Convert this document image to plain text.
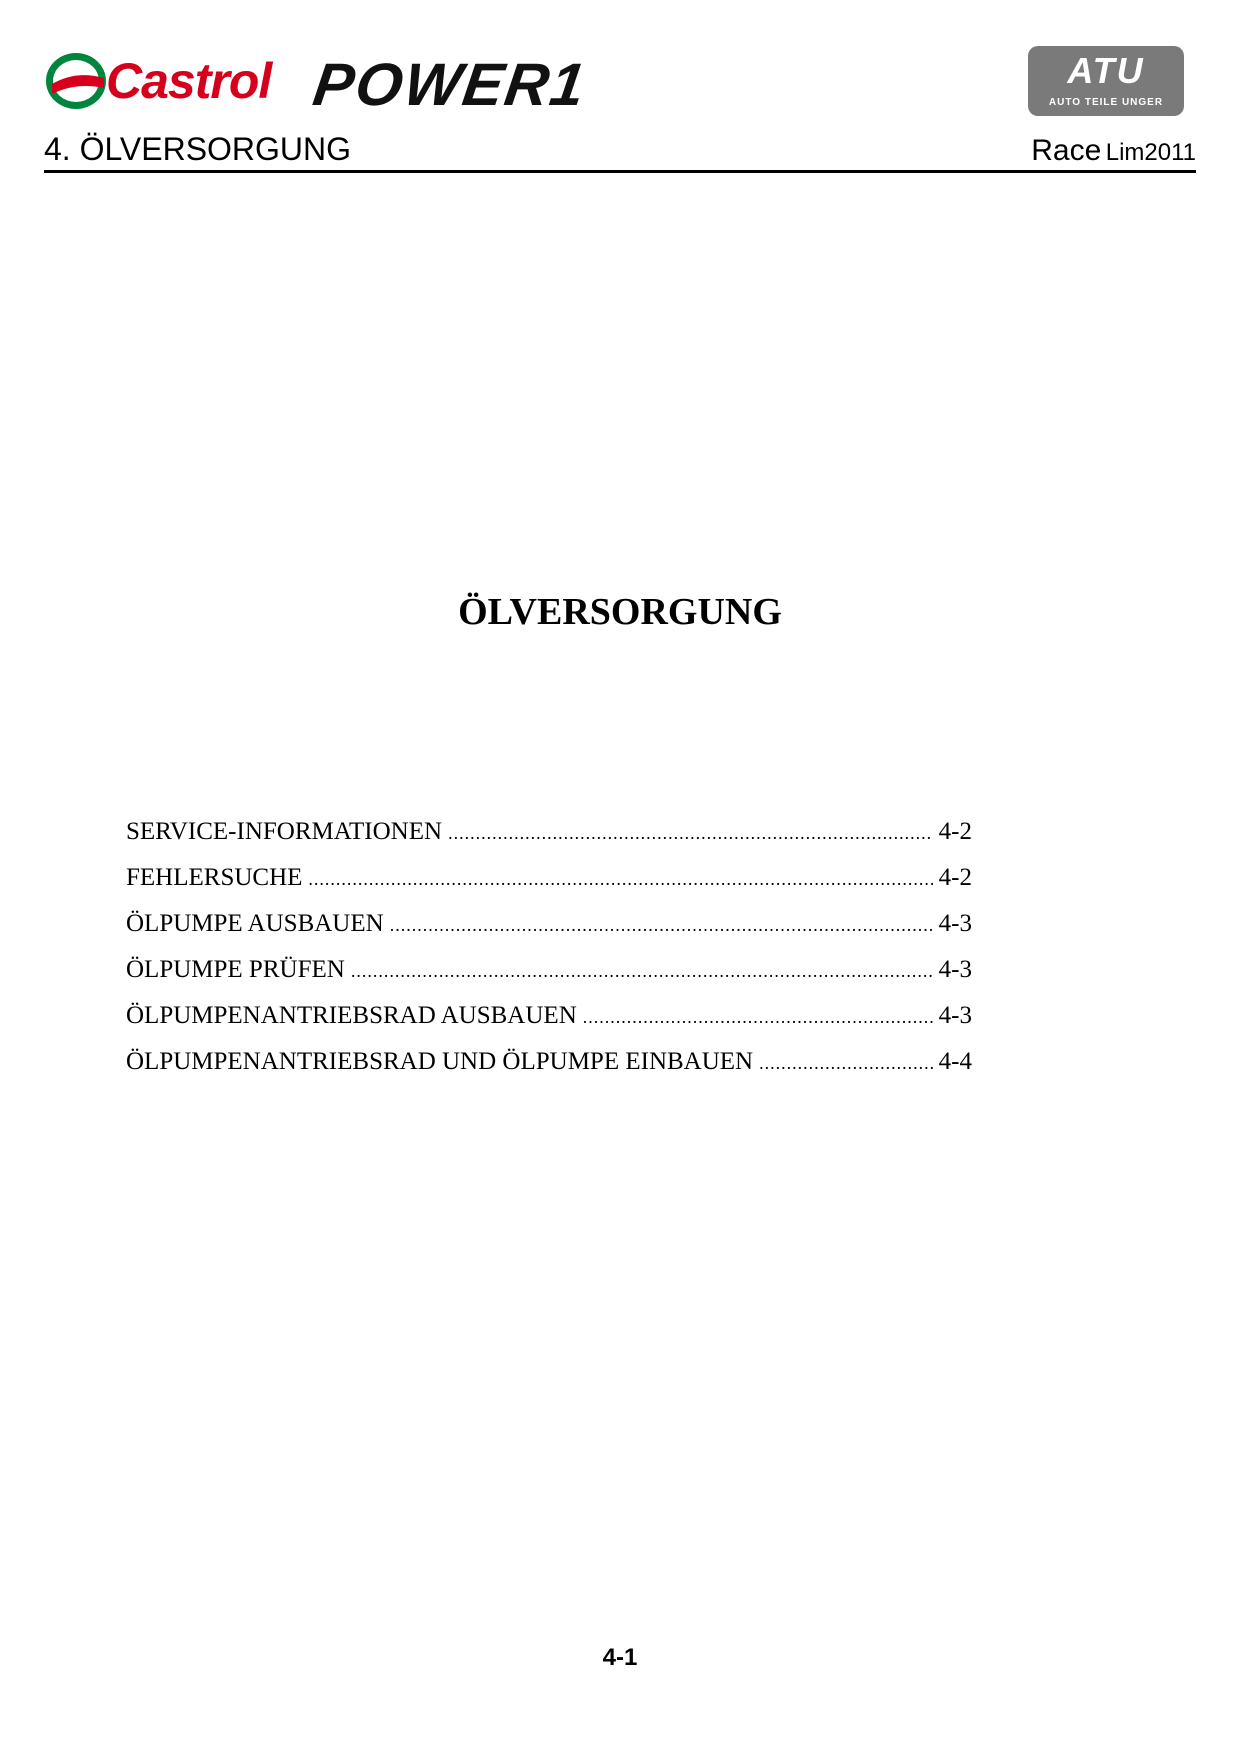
Castrol POWER1	ATU
AUTO TEILE UNGER
4. ÖLVERSORGUNG	Race Lim2011
ÖLVERSORGUNG
SERVICE-INFORMATIONEN .....	4-2
FEHLERSUCHE .....	4-2
ÖLPUMPE AUSBAUEN .....	4-3
ÖLPUMPE PRÜFEN .....	4-3
ÖLPUMPENANTRIEBSRAD AUSBAUEN .....	4-3
ÖLPUMPENANTRIEBSRAD UND ÖLPUMPE EINBAUEN .....	4-4
4-1
